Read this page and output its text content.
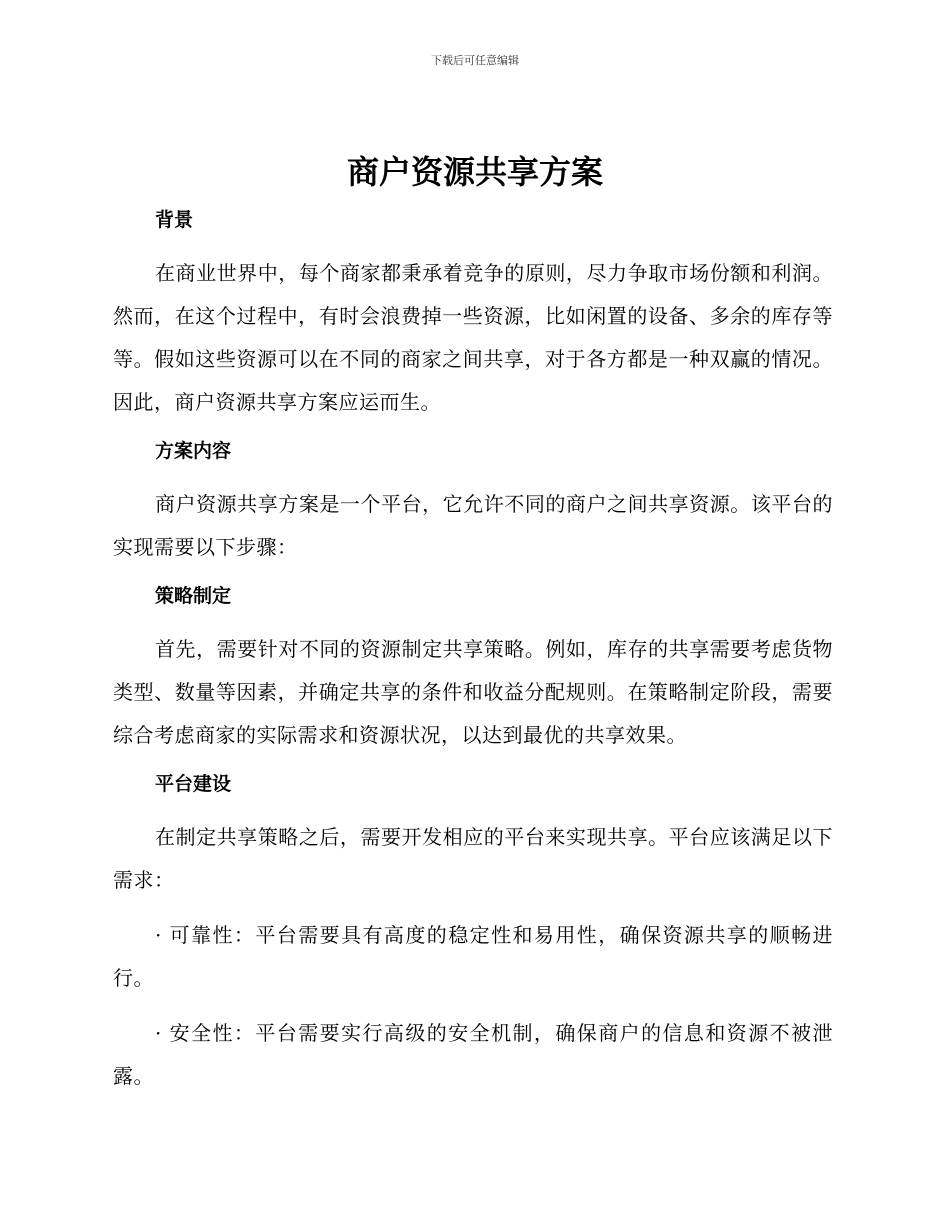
下载后可任意编辑
商户资源共享方案
背景

在商业世界中，每个商家都秉承着竞争的原则，尽力争取市场份额和利润。然而，在这个过程中，有时会浪费掉一些资源，比如闲置的设备、多余的库存等等。假如这些资源可以在不同的商家之间共享，对于各方都是一种双赢的情况。因此，商户资源共享方案应运而生。

方案内容

商户资源共享方案是一个平台，它允许不同的商户之间共享资源。该平台的实现需要以下步骤：

策略制定

首先，需要针对不同的资源制定共享策略。例如，库存的共享需要考虑货物类型、数量等因素，并确定共享的条件和收益分配规则。在策略制定阶段，需要综合考虑商家的实际需求和资源状况，以达到最优的共享效果。

平台建设

在制定共享策略之后，需要开发相应的平台来实现共享。平台应该满足以下需求：

· 可靠性：平台需要具有高度的稳定性和易用性，确保资源共享的顺畅进行。

· 安全性：平台需要实行高级的安全机制，确保商户的信息和资源不被泄露。
